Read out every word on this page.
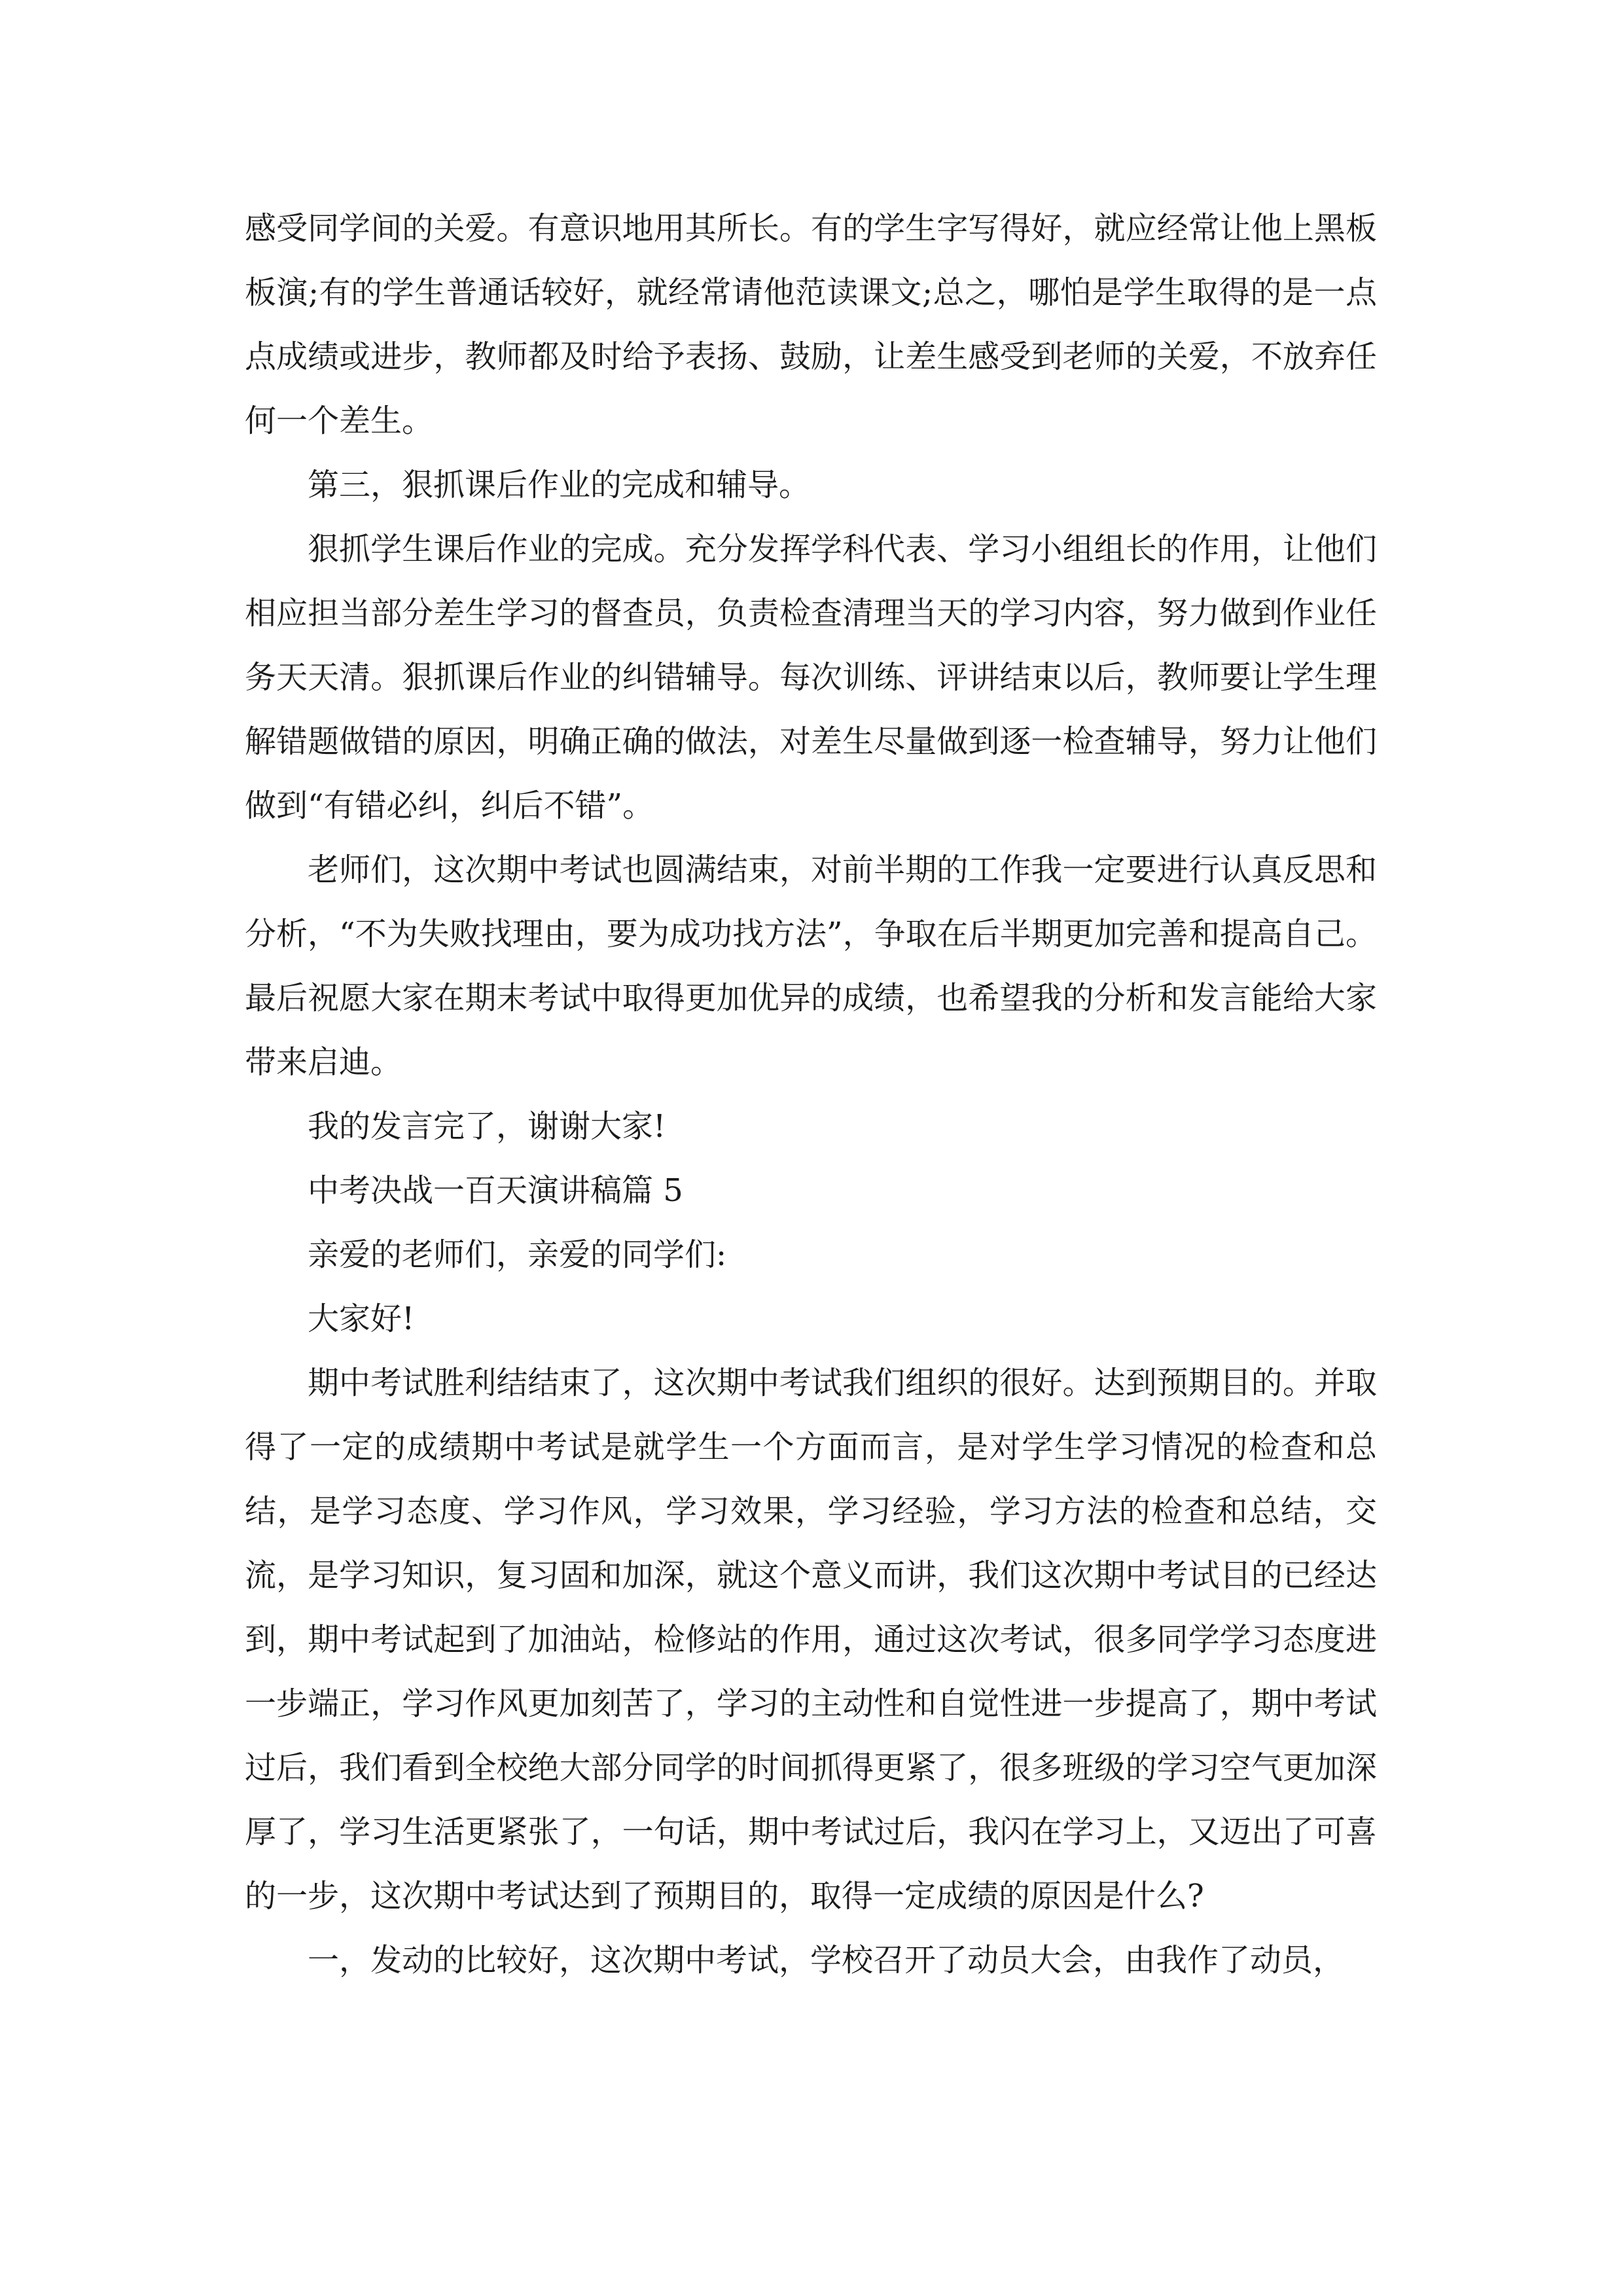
感受同学间的关爱。有意识地用其所长。有的学生字写得好，就应经常让他上黑板板演;有的学生普通话较好，就经常请他范读课文;总之，哪怕是学生取得的是一点点成绩或进步，教师都及时给予表扬、鼓励，让差生感受到老师的关爱，不放弃任何一个差生。

第三，狠抓课后作业的完成和辅导。

狠抓学生课后作业的完成。充分发挥学科代表、学习小组组长的作用，让他们相应担当部分差生学习的督查员，负责检查清理当天的学习内容，努力做到作业任务天天清。狠抓课后作业的纠错辅导。每次训练、评讲结束以后，教师要让学生理解错题做错的原因，明确正确的做法，对差生尽量做到逐一检查辅导，努力让他们做到“有错必纠，纠后不错”。

老师们，这次期中考试也圆满结束，对前半期的工作我一定要进行认真反思和分析，“不为失败找理由，要为成功找方法”，争取在后半期更加完善和提高自己。最后祝愿大家在期末考试中取得更加优异的成绩，也希望我的分析和发言能给大家带来启迪。

我的发言完了，谢谢大家!

中考决战一百天演讲稿篇 5

亲爱的老师们，亲爱的同学们:

大家好!

期中考试胜利结结束了，这次期中考试我们组织的很好。达到预期目的。并取得了一定的成绩期中考试是就学生一个方面而言，是对学生学习情况的检查和总结，是学习态度、学习作风，学习效果，学习经验，学习方法的检查和总结，交流，是学习知识，复习固和加深，就这个意义而讲，我们这次期中考试目的已经达到，期中考试起到了加油站，检修站的作用，通过这次考试，很多同学学习态度进一步端正，学习作风更加刻苦了，学习的主动性和自觉性进一步提高了，期中考试过后，我们看到全校绝大部分同学的时间抓得更紧了，很多班级的学习空气更加深厚了，学习生活更紧张了，一句话，期中考试过后，我闪在学习上，又迈出了可喜的一步，这次期中考试达到了预期目的，取得一定成绩的原因是什么?

一，发动的比较好，这次期中考试，学校召开了动员大会，由我作了动员，
